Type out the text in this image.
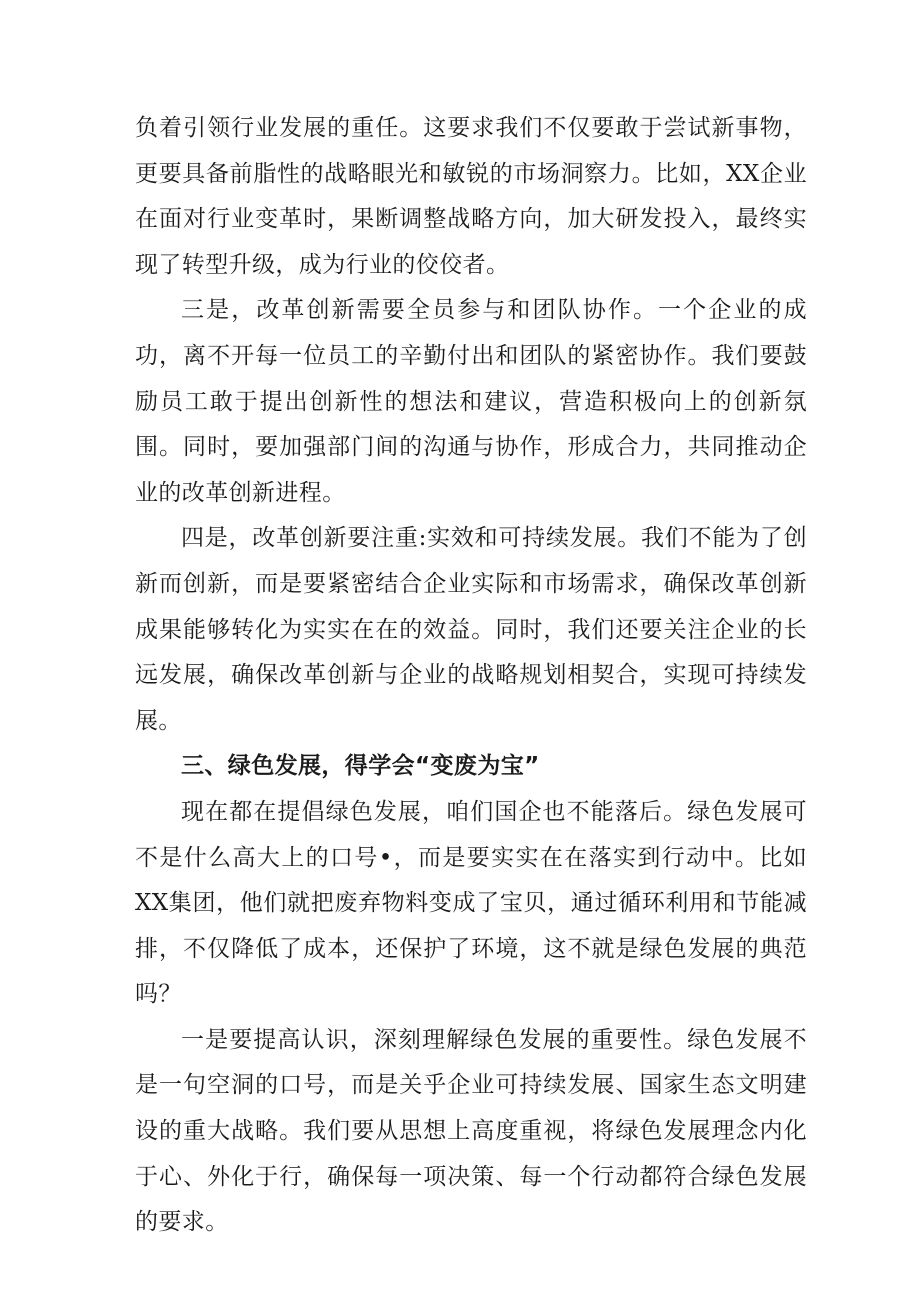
负着引领行业发展的重任。这要求我们不仅要敢于尝试新事物，更要具备前脂性的战略眼光和敏锐的市场洞察力。比如，XX企业在面对行业变革时，果断调整战略方向，加大研发投入，最终实现了转型升级，成为行业的佼佼者。

三是，改革创新需要全员参与和团队协作。一个企业的成功，离不开每一位员工的辛勤付出和团队的紧密协作。我们要鼓励员工敢于提出创新性的想法和建议，营造积极向上的创新氛围。同时，要加强部门间的沟通与协作，形成合力，共同推动企业的改革创新进程。

四是，改革创新要注重:实效和可持续发展。我们不能为了创新而创新，而是要紧密结合企业实际和市场需求，确保改革创新成果能够转化为实实在在的效益。同时，我们还要关注企业的长远发展，确保改革创新与企业的战略规划相契合，实现可持续发展。

三、绿色发展，得学会“变废为宝”

现在都在提倡绿色发展，咱们国企也不能落后。绿色发展可不是什么高大上的口号•，而是要实实在在落实到行动中。比如XX集团，他们就把废弃物料变成了宝贝，通过循环利用和节能减排，不仅降低了成本，还保护了环境，这不就是绿色发展的典范吗？

一是要提高认识，深刻理解绿色发展的重要性。绿色发展不是一句空洞的口号，而是关乎企业可持续发展、国家生态文明建设的重大战略。我们要从思想上高度重视，将绿色发展理念内化于心、外化于行，确保每一项决策、每一个行动都符合绿色发展的要求。
